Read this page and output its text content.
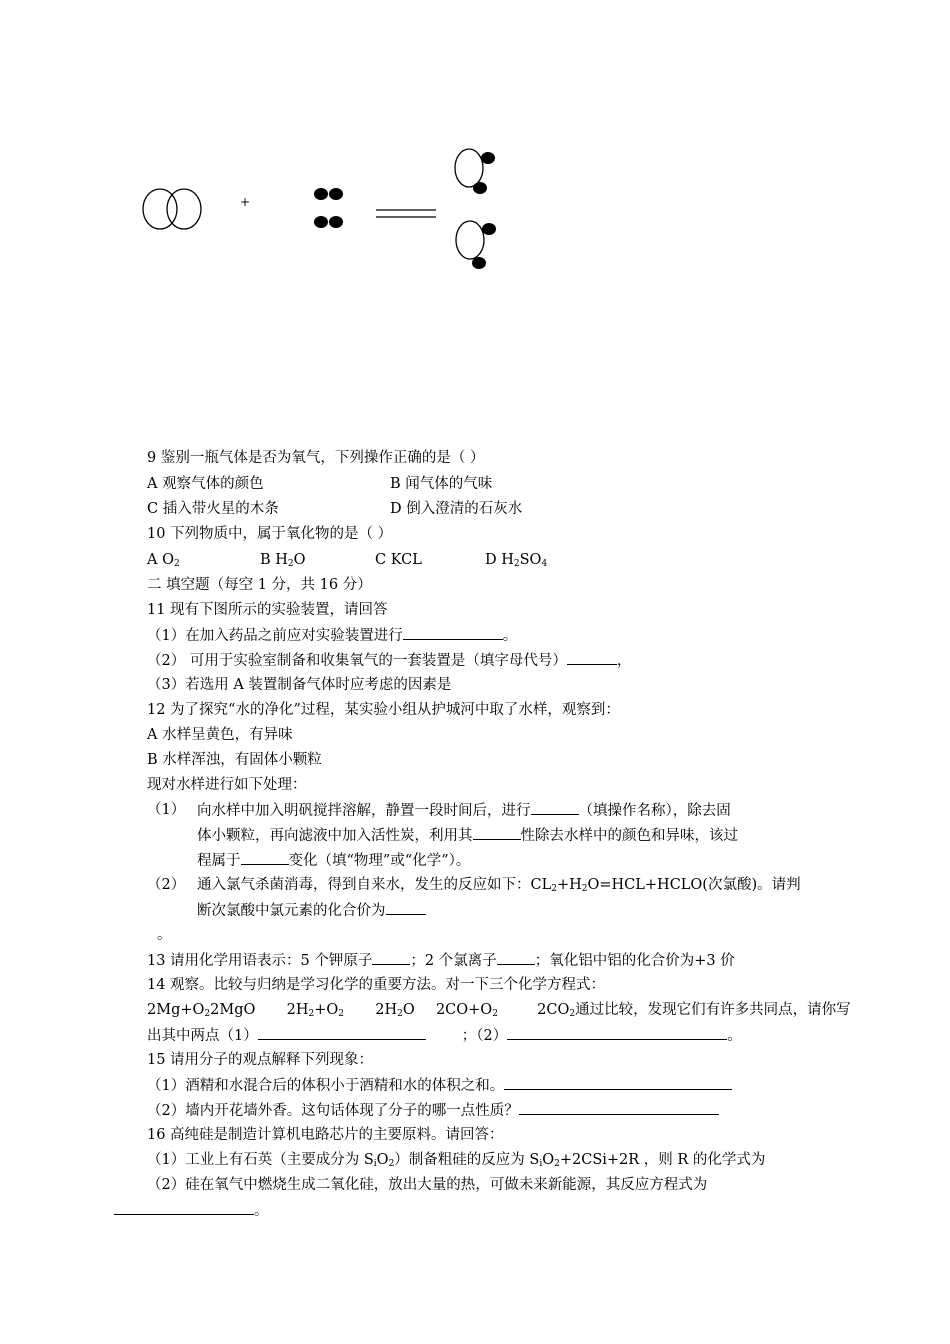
+
9 鉴别一瓶气体是否为氧气，下列操作正确的是（ ）
A 观察气体的颜色	B 闻气体的气味
C 插入带火星的木条	D 倒入澄清的石灰水
10 下列物质中，属于氧化物的是（ ）
A $O_2$	B $H_2O$	C KCL	D $H_2SO_4$
二 填空题（每空 1 分，共 16 分）
11 现有下图所示的实验装置，请回答
（1）在加入药品之前应对实验装置进行	。
（2） 可用于实验室制备和收集氧气的一套装置是（填字母代号）	，
（3）若选用 A 装置制备气体时应考虑的因素是
12 为了探究“水的净化”过程，某实验小组从护城河中取了水样，观察到：
A 水样呈黄色，有异味
B 水样浑浊，有固体小颗粒
现对水样进行如下处理：
（1） 向水样中加入明矾搅拌溶解，静置一段时间后，进行	（填操作名称），除去固
体小颗粒，再向滤液中加入活性炭，利用其	性除去水样中的颜色和异味，该过
程属于	变化（填“物理”或“化学”）。
（2） 通入氯气杀菌消毒，得到自来水，发生的反应如下：$CL_2+H_2O=HCL+HCLO$(次氯酸)。请判
断次氯酸中氯元素的化合价为
。
13 请用化学用语表示：5 个钾原子	；2 个氯离子	；氧化铝中铝的化合价为+3 价
14 观察。比较与归纳是学习化学的重要方法。对一下三个化学方程式：
$2Mg+O_22MgO$ $2H_2+O_2$ $2H_2O$ $2CO+O_2$	$2CO_2$通过比较，发现它们有许多共同点，请你写
出其中两点（1）	；（2）	。
15 请用分子的观点解释下列现象：
（1）酒精和水混合后的体积小于酒精和水的体积之和。
（2）墙内开花墙外香。这句话体现了分子的哪一点性质？
16 高纯硅是制造计算机电路芯片的主要原料。请回答：
（1）工业上有石英（主要成分为 $S_iO_2$）制备粗硅的反应为 $S_iO_2+2CSi+2R$ ，则 R 的化学式为
（2）硅在氧气中燃烧生成二氧化硅，放出大量的热，可做未来新能源，其反应方程式为
。
